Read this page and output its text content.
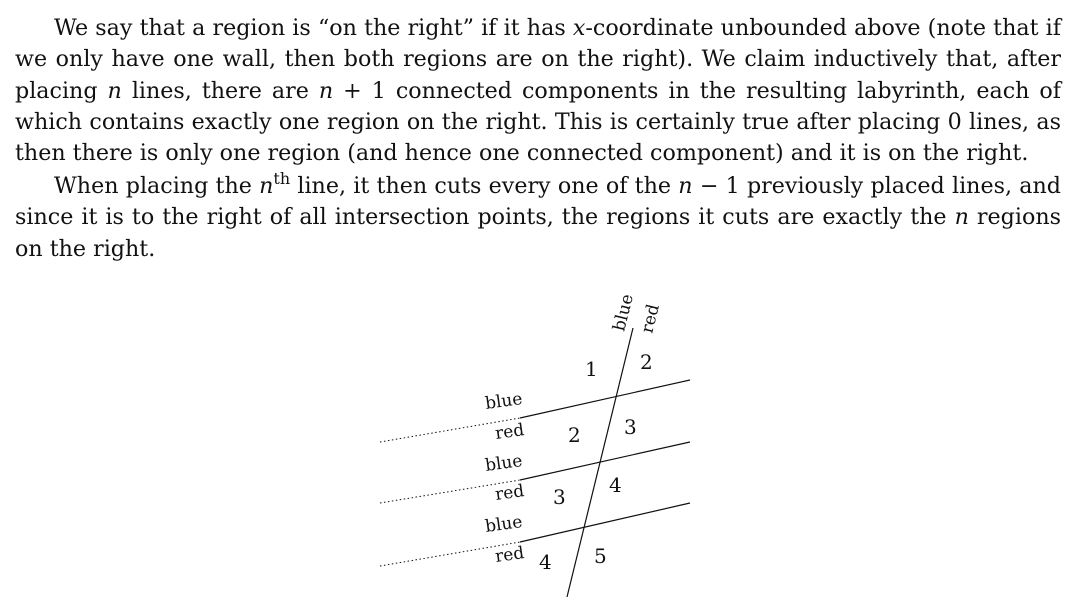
We say that a region is “on the right” if it has x-coordinate unbounded above (note that if we only have one wall, then both regions are on the right). We claim inductively that, after placing n lines, there are n + 1 connected components in the resulting labyrinth, each of which contains exactly one region on the right. This is certainly true after placing 0 lines, as then there is only one region (and hence one connected component) and it is on the right.

When placing the $n^{th}$ line, it then cuts every one of the n − 1 previously placed lines, and since it is to the right of all intersection points, the regions it cuts are exactly the n regions on the right.

blue
red
blue
red
blue
red
blue red
1
2
3
4
2
3
4
5
